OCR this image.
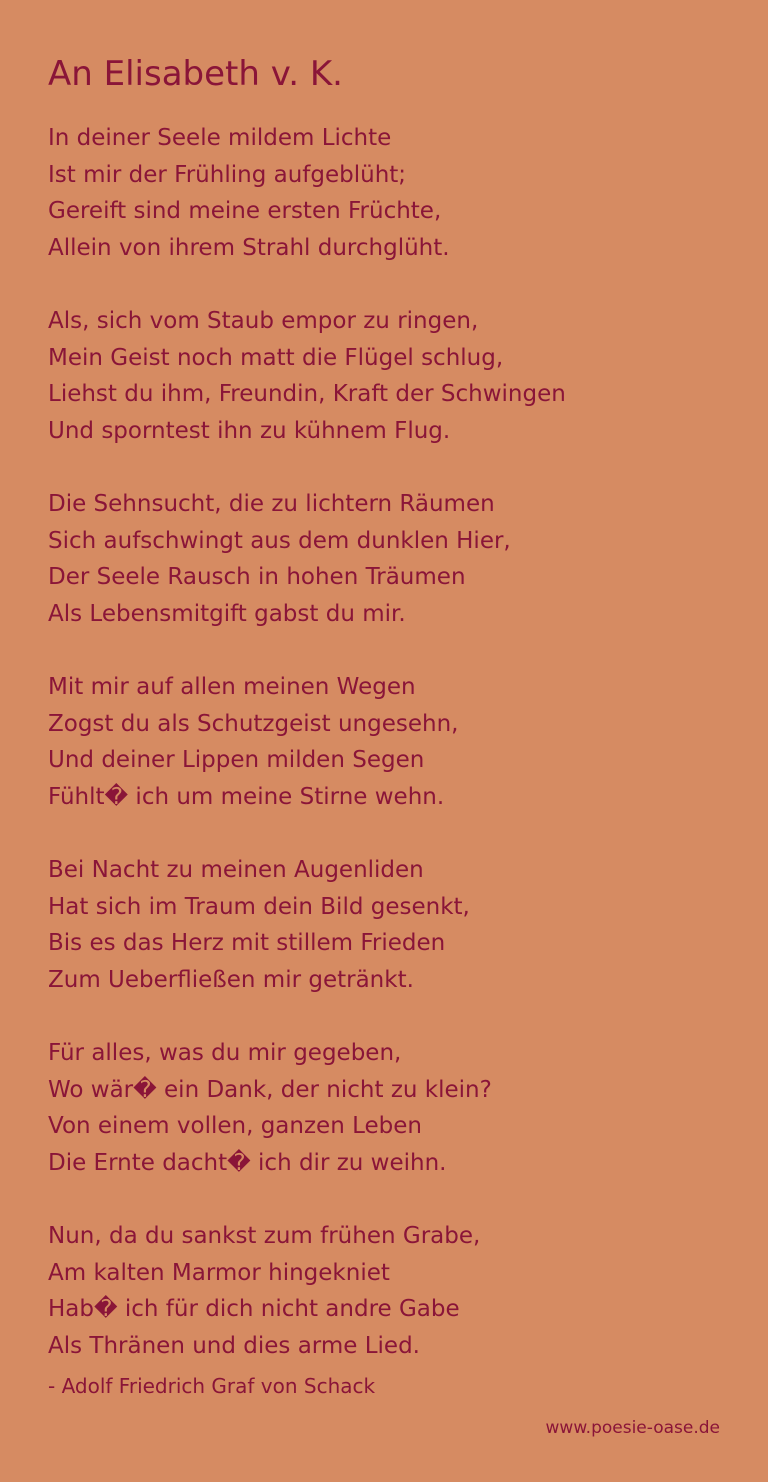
An Elisabeth v. K.
In deiner Seele mildem Lichte
Ist mir der Frühling aufgeblüht;
Gereift sind meine ersten Früchte,
Allein von ihrem Strahl durchglüht.
Als, sich vom Staub empor zu ringen,
Mein Geist noch matt die Flügel schlug,
Liehst du ihm, Freundin, Kraft der Schwingen
Und sporntest ihn zu kühnem Flug.
Die Sehnsucht, die zu lichtern Räumen
Sich aufschwingt aus dem dunklen Hier,
Der Seele Rausch in hohen Träumen
Als Lebensmitgift gabst du mir.
Mit mir auf allen meinen Wegen
Zogst du als Schutzgeist ungesehn,
Und deiner Lippen milden Segen
Fühlt� ich um meine Stirne wehn.
Bei Nacht zu meinen Augenliden
Hat sich im Traum dein Bild gesenkt,
Bis es das Herz mit stillem Frieden
Zum Ueberfließen mir getränkt.
Für alles, was du mir gegeben,
Wo wär� ein Dank, der nicht zu klein?
Von einem vollen, ganzen Leben
Die Ernte dacht� ich dir zu weihn.
Nun, da du sankst zum frühen Grabe,
Am kalten Marmor hingekniet
Hab� ich für dich nicht andre Gabe
Als Thränen und dies arme Lied.
- Adolf Friedrich Graf von Schack
www.poesie-oase.de
